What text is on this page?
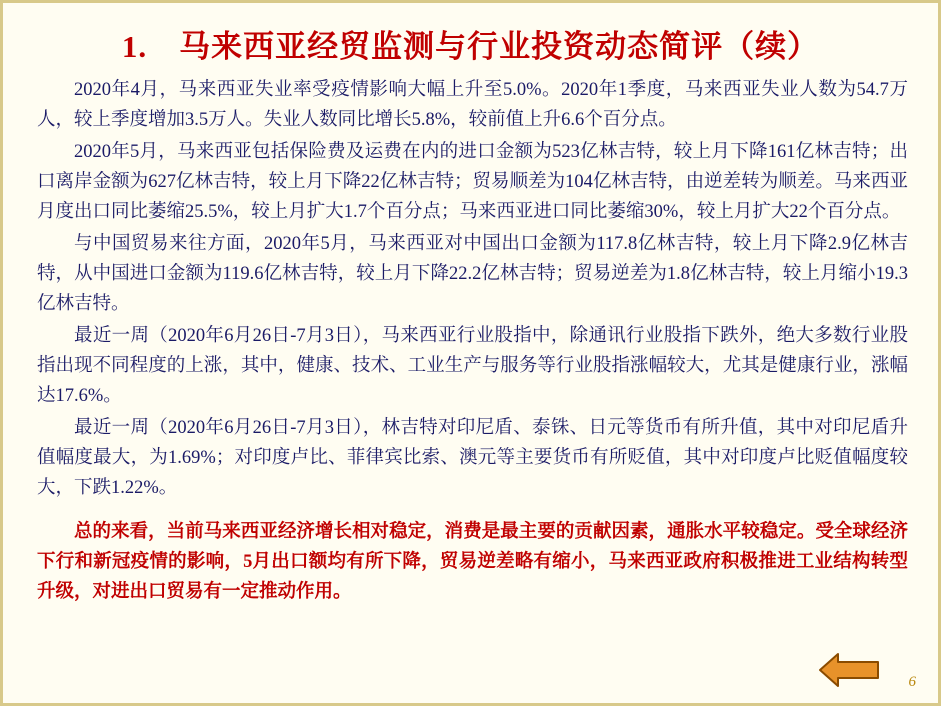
1.　马来西亚经贸监测与行业投资动态简评（续）

2020年4月，马来西亚失业率受疫情影响大幅上升至5.0%。2020年1季度，马来西亚失业人数为54.7万人，较上季度增加3.5万人。失业人数同比增长5.8%，较前值上升6.6个百分点。

2020年5月，马来西亚包括保险费及运费在内的进口金额为523亿林吉特，较上月下降161亿林吉特；出口离岸金额为627亿林吉特，较上月下降22亿林吉特；贸易顺差为104亿林吉特，由逆差转为顺差。马来西亚月度出口同比萎缩25.5%，较上月扩大1.7个百分点；马来西亚进口同比萎缩30%，较上月扩大22个百分点。

与中国贸易来往方面，2020年5月，马来西亚对中国出口金额为117.8亿林吉特，较上月下降2.9亿林吉特，从中国进口金额为119.6亿林吉特，较上月下降22.2亿林吉特；贸易逆差为1.8亿林吉特，较上月缩小19.3亿林吉特。

最近一周（2020年6月26日-7月3日），马来西亚行业股指中，除通讯行业股指下跌外，绝大多数行业股指出现不同程度的上涨，其中，健康、技术、工业生产与服务等行业股指涨幅较大，尤其是健康行业，涨幅达17.6%。

最近一周（2020年6月26日-7月3日），林吉特对印尼盾、泰铢、日元等货币有所升值，其中对印尼盾升值幅度最大，为1.69%；对印度卢比、菲律宾比索、澳元等主要货币有所贬值，其中对印度卢比贬值幅度较大，下跌1.22%。

总的来看，当前马来西亚经济增长相对稳定，消费是最主要的贡献因素，通胀水平较稳定。受全球经济下行和新冠疫情的影响，5月出口额均有所下降，贸易逆差略有缩小，马来西亚政府积极推进工业结构转型升级，对进出口贸易有一定推动作用。

6
